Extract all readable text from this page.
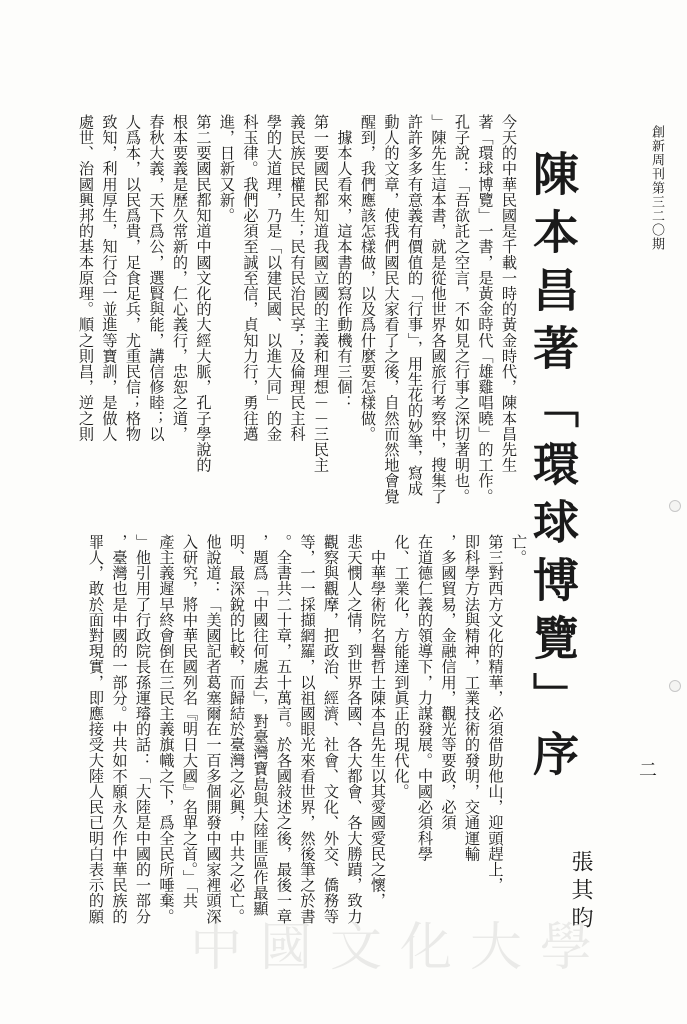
創新周刊第三二〇期
陳本昌著「環球博覽」序	二
張其昀
今天的中華民國是千載一時的黃金時代，陳本昌先生
著「環球博覽」一書，是黃金時代「雄雞唱曉」的工作。
孔子說：「吾欲託之空言，不如見之行事之深切著明也。
」陳先生這本書，就是從他世界各國旅行考察中，搜集了
許許多多有意義有價值的「行事」，用生花的妙筆，寫成
動人的文章，使我們國民大家看了之後，自然而然地會覺
醒到，我們應該怎樣做，以及爲什麼要怎樣做。
　據本人看來，這本書的寫作動機有三個：
第一要國民都知道我國立國的主義和理想－－三民主
義民族民權民生；民有民治民享；及倫理民主科
學的大道理，乃是「以建民國、以進大同」的金
科玉律。我們必須至誠至信，貞知力行，勇往邁
進，日新又新。
第二要國民都知道中國文化的大經大脈，孔子學說的
根本要義是歷久常新的，仁心義行，忠恕之道，
春秋大義，天下爲公，選賢與能，講信修睦；以
人爲本，以民爲貴，足食足兵，尤重民信；格物
致知，利用厚生，知行合一並進等寶訓，是做人
處世、治國興邦的基本原理。順之則昌，逆之則
亡。
第三對西方文化的精華，必須借助他山，迎頭趕上，
即科學方法與精神，工業技術的發明，交通運輸
，多國貿易，金融信用，觀光等要政，必須
在道德仁義的領導下，力謀發展。中國必須科學
化、工業化，方能達到眞正的現代化。
　中華學術院名譽哲士陳本昌先生以其愛國愛民之懷，
悲天憫人之情，到世界各國、各大都會、各大勝蹟，致力
觀察與觀摩，把政治、經濟、社會、文化、外交、僑務等
等，一一採擷網羅，以祖國眼光來看世界，然後筆之於書
。全書共二十章，五十萬言。於各國敍述之後，最後一章
，題爲「中國往何處去」，對臺灣寶島與大陸匪區作最顯
明、最深銳的比較，而歸結於臺灣之必興，中共之必亡。
他說道：「美國記者葛塞爾在一百多個開發中國家裡頭深
入研究，將中華民國列名『明日大國』名單之首。」「共
產主義遲早終會倒在三民主義旗幟之下，爲全民所唾棄。
」他引用了行政院長孫運璿的話：「大陸是中國的一部分
，臺灣也是中國的一部分。中共如不願永久作中華民族的
罪人，敢於面對現實，即應接受大陸人民已明白表示的願
中國文化大學
